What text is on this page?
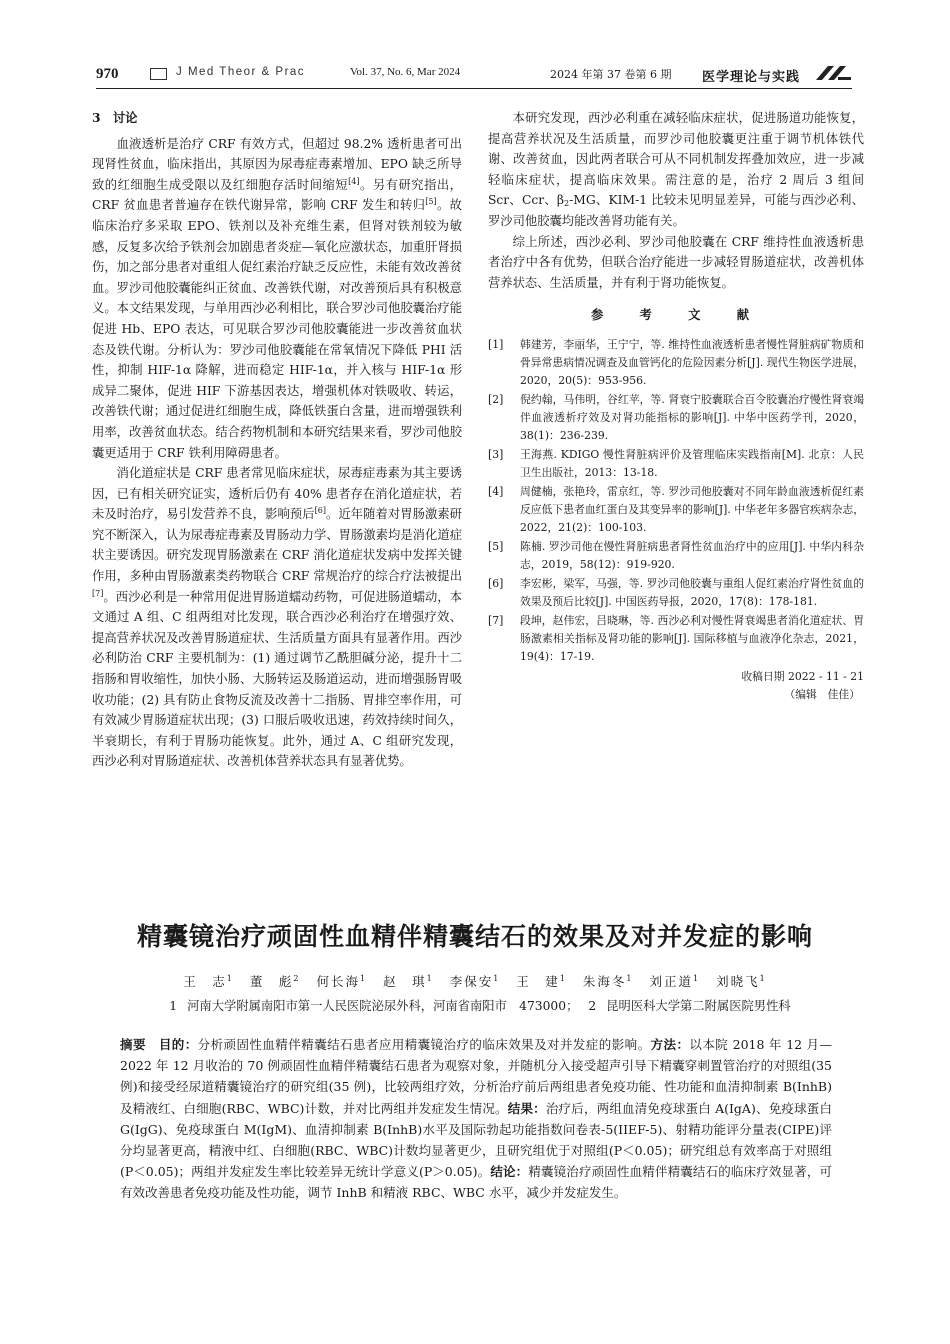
970	J Med Theor & Prac	Vol. 37, No. 6, Mar 2024	2024 年第 37 卷第 6 期 医学理论与实践
3　讨论

血液透析是治疗 CRF 有效方式，但超过 98.2% 透析患者可出现肾性贫血，临床指出，其原因为尿毒症毒素增加、EPO 缺乏所导致的红细胞生成受限以及红细胞存活时间缩短[4]。另有研究指出，CRF 贫血患者普遍存在铁代谢异常，影响 CRF 发生和转归[5]。故临床治疗多采取 EPO、铁剂以及补充维生素，但肾对铁剂较为敏感，反复多次给予铁剂会加剧患者炎症—氧化应激状态，加重肝肾损伤，加之部分患者对重组人促红素治疗缺乏反应性，未能有效改善贫血。罗沙司他胶囊能纠正贫血、改善铁代谢，对改善预后具有积极意义。本文结果发现，与单用西沙必利相比，联合罗沙司他胶囊治疗能促进 Hb、EPO 表达，可见联合罗沙司他胶囊能进一步改善贫血状态及铁代谢。分析认为：罗沙司他胶囊能在常氧情况下降低 PHI 活性，抑制 HIF-1α 降解，进而稳定 HIF-1α，并入核与 HIF-1α 形成异二聚体，促进 HIF 下游基因表达，增强机体对铁吸收、转运，改善铁代谢；通过促进红细胞生成，降低铁蛋白含量，进而增强铁利用率，改善贫血状态。结合药物机制和本研究结果来看，罗沙司他胶囊更适用于 CRF 铁利用障碍患者。

消化道症状是 CRF 患者常见临床症状，尿毒症毒素为其主要诱因，已有相关研究证实，透析后仍有 40% 患者存在消化道症状，若未及时治疗，易引发营养不良，影响预后[6]。近年随着对胃肠激素研究不断深入，认为尿毒症毒素及胃肠动力学、胃肠激素均是消化道症状主要诱因。研究发现胃肠激素在 CRF 消化道症状发病中发挥关键作用，多种由胃肠激素类药物联合 CRF 常规治疗的综合疗法被提出[7]。西沙必利是一种常用促进胃肠道蠕动药物，可促进肠道蠕动，本文通过 A 组、C 组两组对比发现，联合西沙必利治疗在增强疗效、提高营养状况及改善胃肠道症状、生活质量方面具有显著作用。西沙必利防治 CRF 主要机制为：(1) 通过调节乙酰胆碱分泌，提升十二指肠和胃收缩性，加快小肠、大肠转运及肠道运动，进而增强肠胃吸收功能；(2) 具有防止食物反流及改善十二指肠、胃排空率作用，可有效减少胃肠道症状出现；(3) 口服后吸收迅速，药效持续时间久，半衰期长，有利于胃肠功能恢复。此外，通过 A、C 组研究发现，西沙必利对胃肠道症状、改善机体营养状态具有显著优势。

本研究发现，西沙必利重在减轻临床症状，促进肠道功能恢复，提高营养状况及生活质量，而罗沙司他胶囊更注重于调节机体铁代谢、改善贫血，因此两者联合可从不同机制发挥叠加效应，进一步减轻临床症状，提高临床效果。需注意的是，治疗 2 周后 3 组间 Scr、Ccr、$\beta_2-MG$、KIM-1 比较未见明显差异，可能与西沙必利、罗沙司他胶囊均能改善肾功能有关。

综上所述，西沙必利、罗沙司他胶囊在 CRF 维持性血液透析患者治疗中各有优势，但联合治疗能进一步减轻胃肠道症状，改善机体营养状态、生活质量，并有利于肾功能恢复。

参　考　文　献
[1]	韩建芳，李丽华，王宁宁，等. 维持性血液透析患者慢性肾脏病矿物质和骨异常患病情况调查及血管钙化的危险因素分析[J]. 现代生物医学进展，2020，20(5)：953-956.
[2]	倪约翰，马伟明，谷红苹，等. 肾衰宁胶囊联合百令胶囊治疗慢性肾衰竭伴血液透析疗效及对肾功能指标的影响[J]. 中华中医药学刊，2020，38(1)：236-239.
[3]	王海燕. KDIGO 慢性肾脏病评价及管理临床实践指南[M]. 北京：人民卫生出版社，2013：13-18.
[4]	周健楠，张艳玲，雷京红，等. 罗沙司他胶囊对不同年龄血液透析促红素反应低下患者血红蛋白及其变异率的影响[J]. 中华老年多器官疾病杂志，2022，21(2)：100-103.
[5]	陈楠. 罗沙司他在慢性肾脏病患者肾性贫血治疗中的应用[J]. 中华内科杂志，2019，58(12)：919-920.
[6]	李宏彬，梁军，马强，等. 罗沙司他胶囊与重组人促红素治疗肾性贫血的效果及预后比较[J]. 中国医药导报，2020，17(8)：178-181.
[7]	段坤，赵伟宏，吕晓琳，等. 西沙必利对慢性肾衰竭患者消化道症状、胃肠激素相关指标及肾功能的影响[J]. 国际移植与血液净化杂志，2021，19(4)：17-19.
收稿日期 2022 - 11 - 21
（编辑　佳佳）
精囊镜治疗顽固性血精伴精囊结石的效果及对并发症的影响
王　志$^1$ 董　彪$^2$ 何长海$^1$ 赵　琪$^1$ 李保安$^1$ 王　建$^1$ 朱海冬$^1$ 刘正道$^1$ 刘晓飞$^1$
1 河南大学附属南阳市第一人民医院泌尿外科，河南省南阳市　473000； 2 昆明医科大学第二附属医院男性科
摘要　 目的：分析顽固性血精伴精囊结石患者应用精囊镜治疗的临床效果及对并发症的影响。方法：以本院 2018 年 12 月—2022 年 12 月收治的 70 例顽固性血精伴精囊结石患者为观察对象，并随机分入接受超声引导下精囊穿刺置管治疗的对照组(35 例)和接受经尿道精囊镜治疗的研究组(35 例)，比较两组疗效，分析治疗前后两组患者免疫功能、性功能和血清抑制素 B(InhB)及精液红、白细胞(RBC、WBC)计数，并对比两组并发症发生情况。结果：治疗后，两组血清免疫球蛋白 A(IgA)、免疫球蛋白 G(IgG)、免疫球蛋白 M(IgM)、血清抑制素 B(InhB)水平及国际勃起功能指数问卷表-5(IIEF-5)、射精功能评分量表(CIPE)评分均显著更高，精液中红、白细胞(RBC、WBC)计数均显著更少，且研究组优于对照组(P＜0.05)；研究组总有效率高于对照组(P＜0.05)；两组并发症发生率比较差异无统计学意义(P＞0.05)。结论：精囊镜治疗顽固性血精伴精囊结石的临床疗效显著，可有效改善患者免疫功能及性功能，调节 InhB 和精液 RBC、WBC 水平，减少并发症发生。
